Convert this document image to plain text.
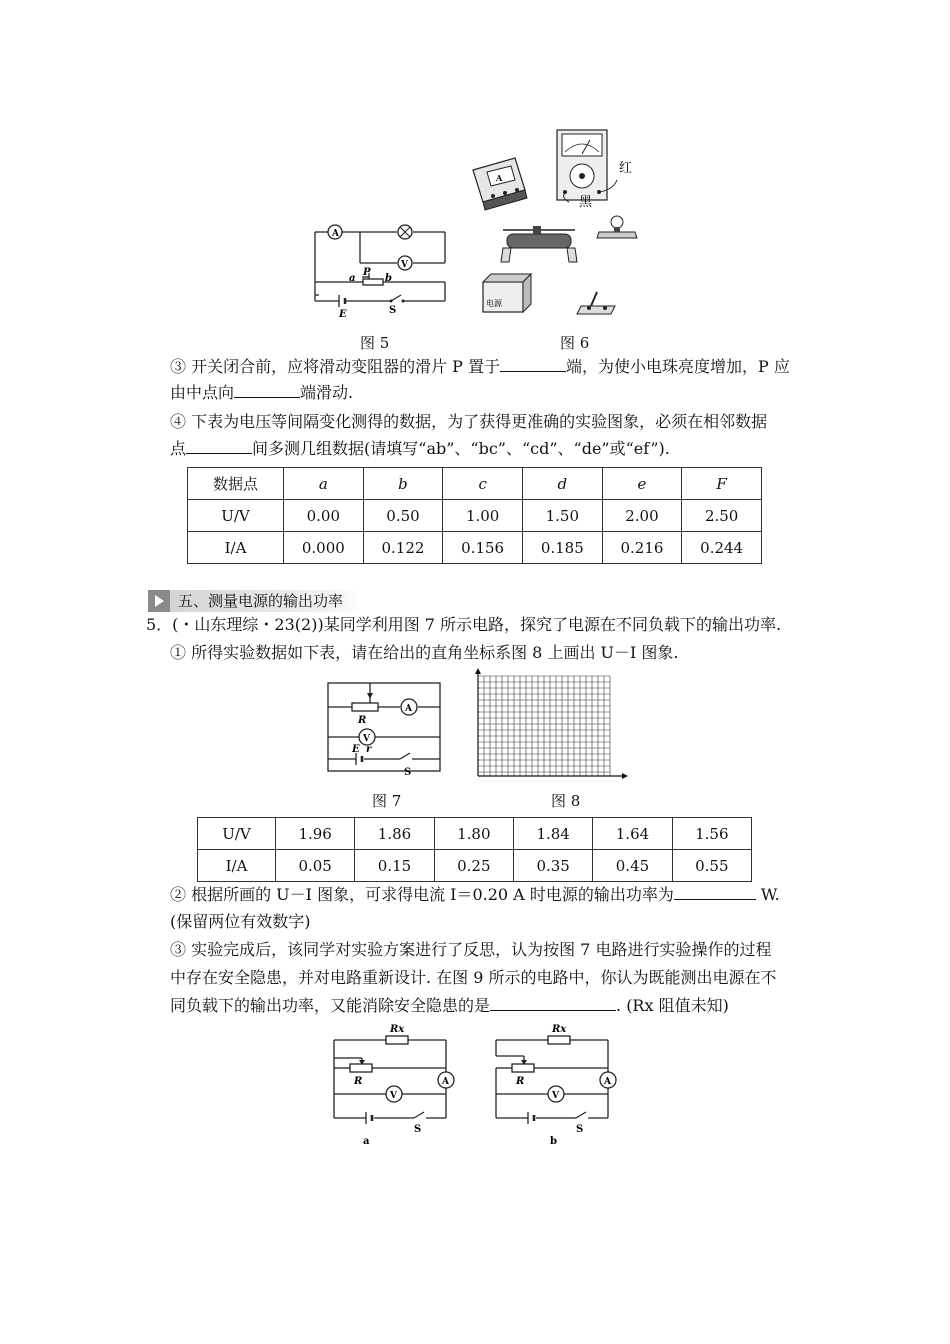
A
V
a
P
b
E	S
图 5
A
红
黑
电源
图 6
③ 开关闭合前，应将滑动变阻器的滑片 P 置于	端，为使小电珠亮度增加，P 应
由中点向	端滑动.
④ 下表为电压等间隔变化测得的数据，为了获得更准确的实验图象，必须在相邻数据
点	间多测几组数据(请填写“ab”、“bc”、“cd”、“de”或“ef”).
数据点	a	b	c	d	e	F
U/V	0.00	0.50	1.00	1.50	2.00	2.50
I/A	0.000	0.122	0.156	0.185	0.216	0.244
五、测量电源的输出功率
5．(・山东理综・23(2))某同学利用图 7 所示电路，探究了电源在不同负载下的输出功率.
① 所得实验数据如下表，请在给出的直角坐标系图 8 上画出 U－I 图象.
R
A
V
E r
S
图 7	图 8
U/V	1.96	1.86	1.80	1.84	1.64	1.56
I/A	0.05	0.15	0.25	0.35	0.45	0.55
② 根据所画的 U－I 图象，可求得电流 I＝0.20 A 时电源的输出功率为	W.
(保留两位有效数字)
③ 实验完成后，该同学对实验方案进行了反思，认为按图 7 电路进行实验操作的过程
中存在安全隐患，并对电路重新设计. 在图 9 所示的电路中，你认为既能测出电源在不
同负载下的输出功率，又能消除安全隐患的是	. (Rx 阻值未知)
Rx
R
V
A
S
a
Rx
R
V
A
S
b
